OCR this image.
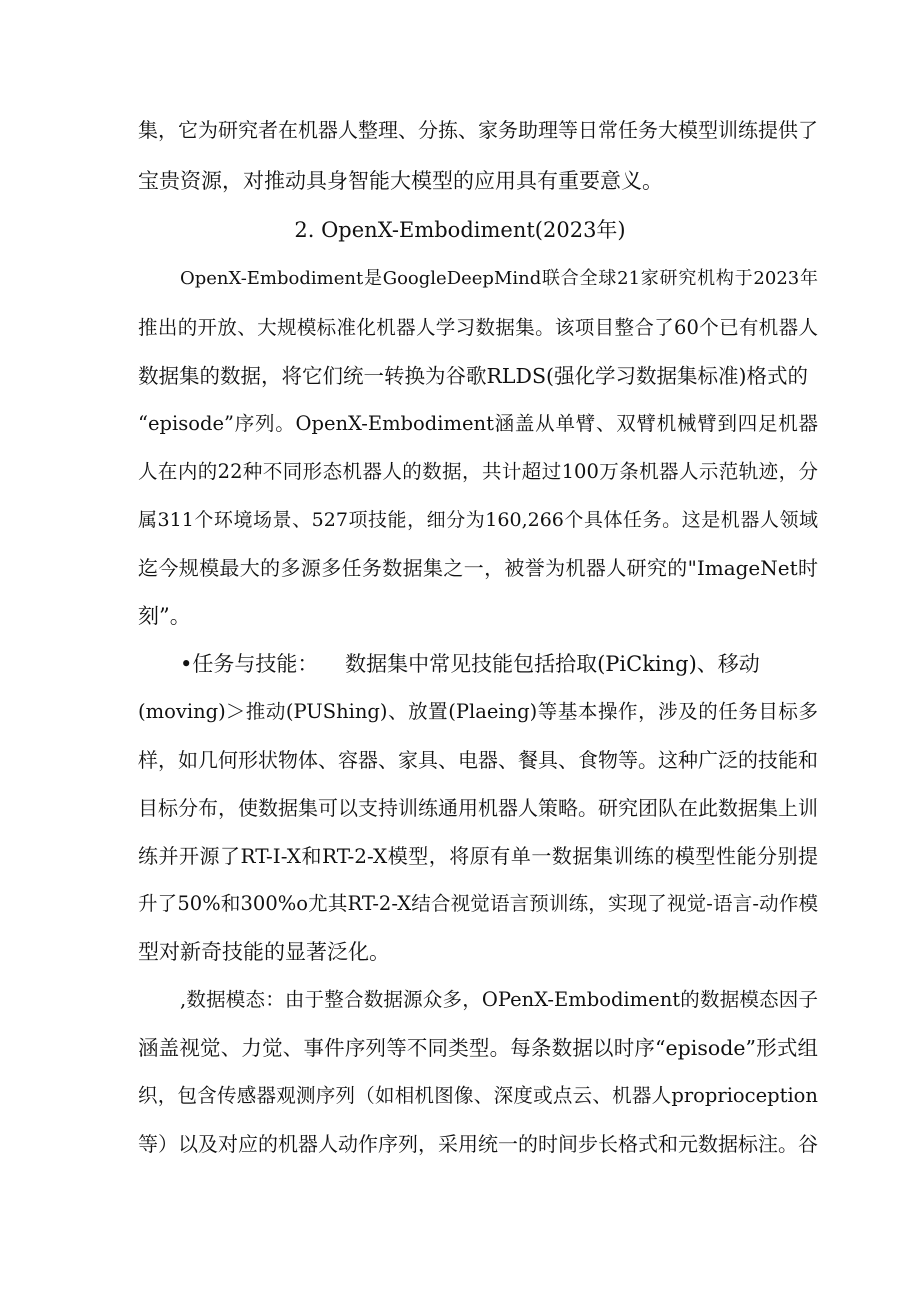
集，它为研究者在机器人整理、分拣、家务助理等日常任务大模型训练提供了
宝贵资源，对推动具身智能大模型的应用具有重要意义。
2. OpenX-Embodiment(2023年)
OpenX-Embodiment是GoogleDeepMind联合全球21家研究机构于2023年
推出的开放、大规模标准化机器人学习数据集。该项目整合了60个已有机器人
数据集的数据，将它们统一转换为谷歌RLDS(强化学习数据集标准)格式的
“episode”序列。OpenX-Embodiment涵盖从单臂、双臂机械臂到四足机器
人在内的22种不同形态机器人的数据，共计超过100万条机器人示范轨迹，分
属311个环境场景、527项技能，细分为160,266个具体任务。这是机器人领域
迄今规模最大的多源多任务数据集之一，被誉为机器人研究的"ImageNet时
刻”。
•任务与技能：    数据集中常见技能包括拾取(PiCking)、移动
(moving)＞推动(PUShing)、放置(Plaeing)等基本操作，涉及的任务目标多
样，如几何形状物体、容器、家具、电器、餐具、食物等。这种广泛的技能和
目标分布，使数据集可以支持训练通用机器人策略。研究团队在此数据集上训
练并开源了RT-I-X和RT-2-X模型，将原有单一数据集训练的模型性能分别提
升了50%和300%o尤其RT-2-X结合视觉语言预训练，实现了视觉-语言-动作模
型对新奇技能的显著泛化。
,数据模态：由于整合数据源众多，OPenX-Embodiment的数据模态因子
涵盖视觉、力觉、事件序列等不同类型。每条数据以时序“episode”形式组
织，包含传感器观测序列（如相机图像、深度或点云、机器人proprioception
等）以及对应的机器人动作序列，采用统一的时间步长格式和元数据标注。谷
